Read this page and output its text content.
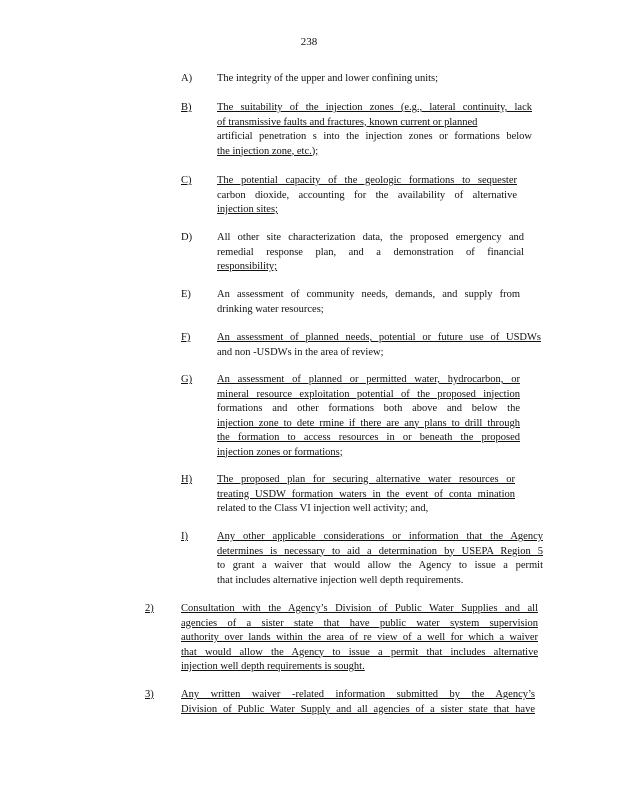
238
A) The integrity of the upper and lower confining units;
B) The suitability of the injection zones (e.g., lateral continuity, lack
of transmissive faults and fractures, known current or planned
artificial penetration s into the injection zones or formations below
the injection zone, etc.);
C) The potential capacity of the geologic formations to sequester
carbon dioxide, accounting for the availability of alternative
injection sites;
D) All other site characterization data, the proposed emergency and
remedial response plan, and a demonstration of financial
responsibility;
E) An assessment of community needs, demands, and supply from
drinking water resources;
F)	An assessment of planned needs, potential or future use of USDWs
and non -USDWs in the area of review;
G) An assessment of planned or permitted water, hydrocarbon, or
mineral resource exploitation potential of the proposed injection
formations and other formations both above and below the
injection zone to dete rmine if there are any plans to drill through
the formation to access resources in or beneath the proposed
injection zones or formations;
H) The proposed plan for securing alternative water resources or
treating USDW formation waters in the event of conta mination
related to the Class VI injection well activity; and,
I)	Any other applicable considerations or information that the Agency
determines is necessary to aid a determination by USEPA Region 5
to grant a waiver that would allow the Agency to issue a permit
that includes alternative injection well depth requirements.
2)	Consultation with the Agency’s Division of Public Water Supplies and all
agencies of a sister state that have public water system supervision
authority over lands within the area of re view of a well for which a waiver
that would allow the Agency to issue a permit that includes alternative
injection well depth requirements is sought.
3)	Any written waiver -related information submitted by the Agency’s
Division of Public Water Supply and all agencies of a sister state that have
